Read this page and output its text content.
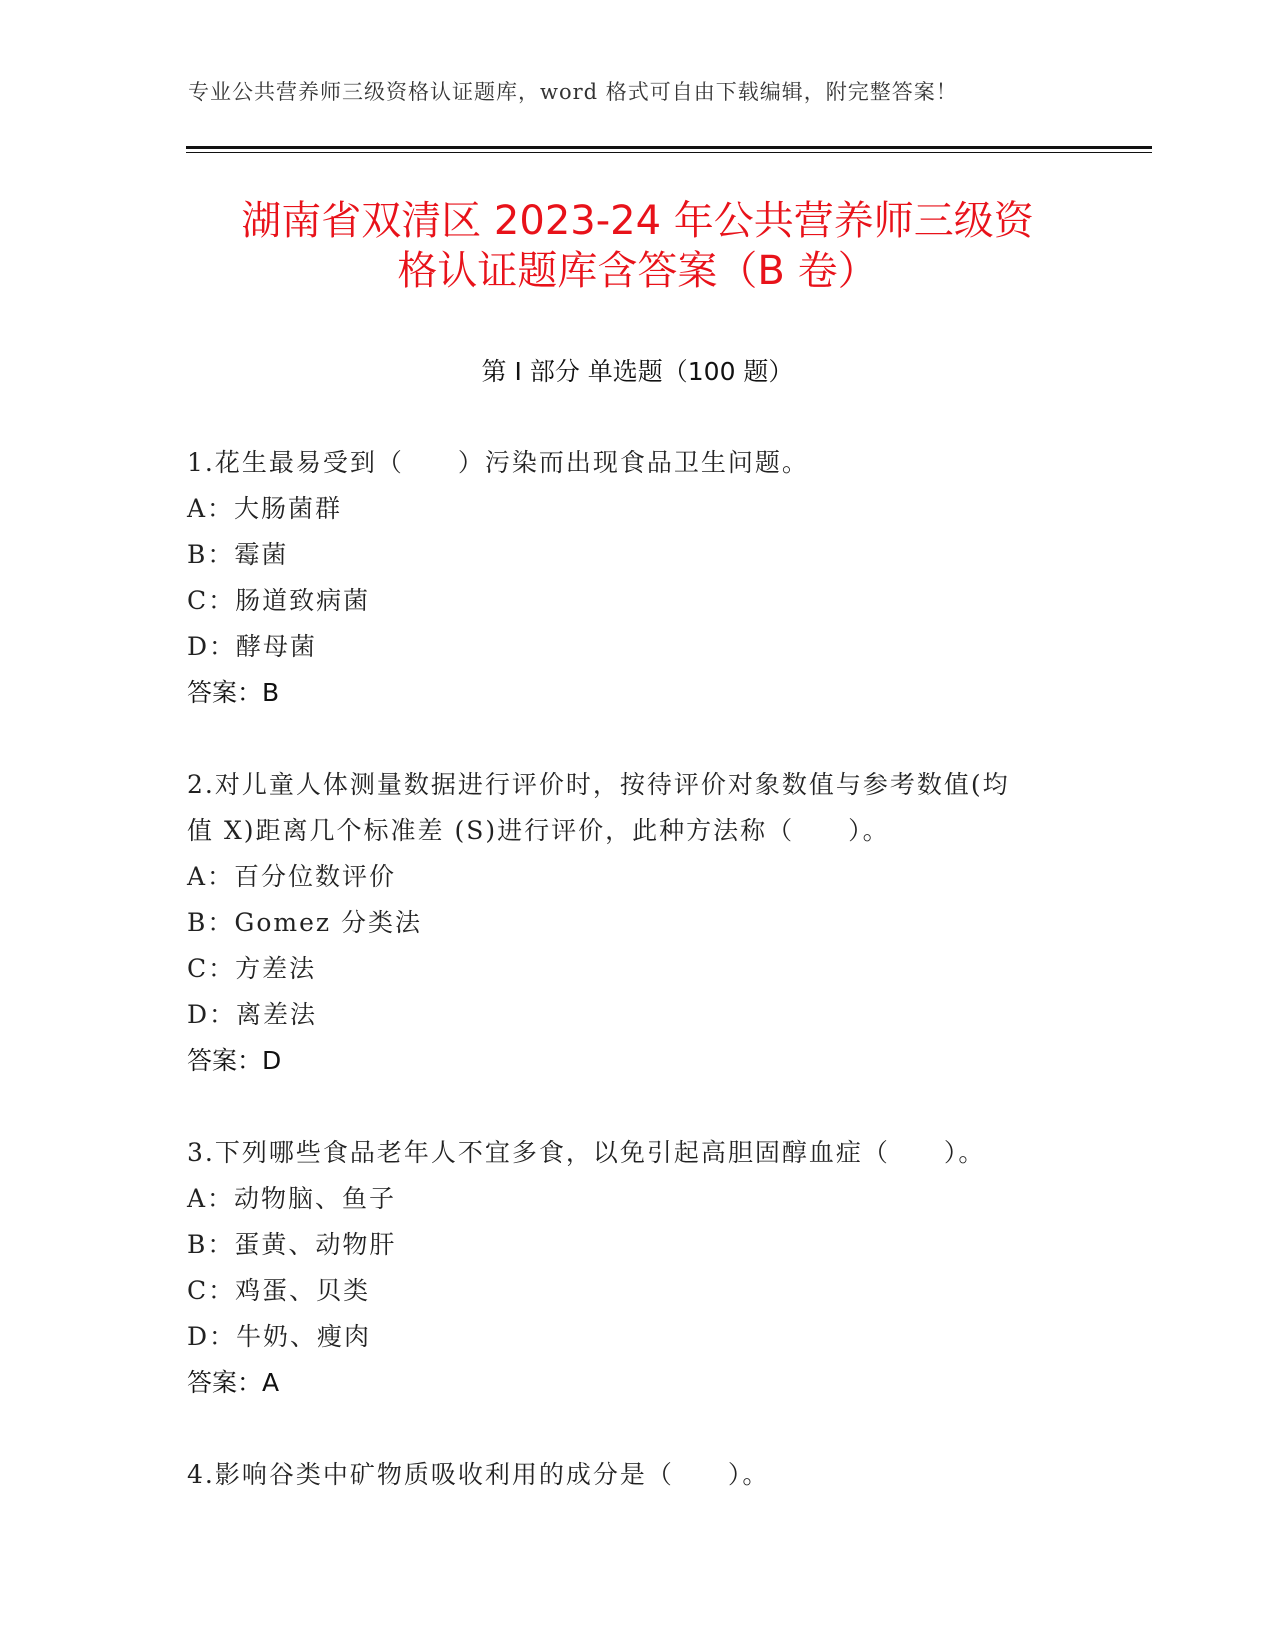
专业公共营养师三级资格认证题库，word 格式可自由下载编辑，附完整答案！
湖南省双清区 2023-24 年公共营养师三级资
格认证题库含答案（B 卷）
第 I 部分 单选题（100 题）
1.花生最易受到（　　）污染而出现食品卫生问题。
A：大肠菌群
B：霉菌
C：肠道致病菌
D：酵母菌
答案：B
2.对儿童人体测量数据进行评价时，按待评价对象数值与参考数值(均
值 X)距离几个标准差 (S)进行评价，此种方法称（　　）。
A：百分位数评价
B：Gomez 分类法
C：方差法
D：离差法
答案：D
3.下列哪些食品老年人不宜多食，以免引起高胆固醇血症（　　）。
A：动物脑、鱼子
B：蛋黄、动物肝
C：鸡蛋、贝类
D：牛奶、瘦肉
答案：A
4.影响谷类中矿物质吸收利用的成分是（　　）。
